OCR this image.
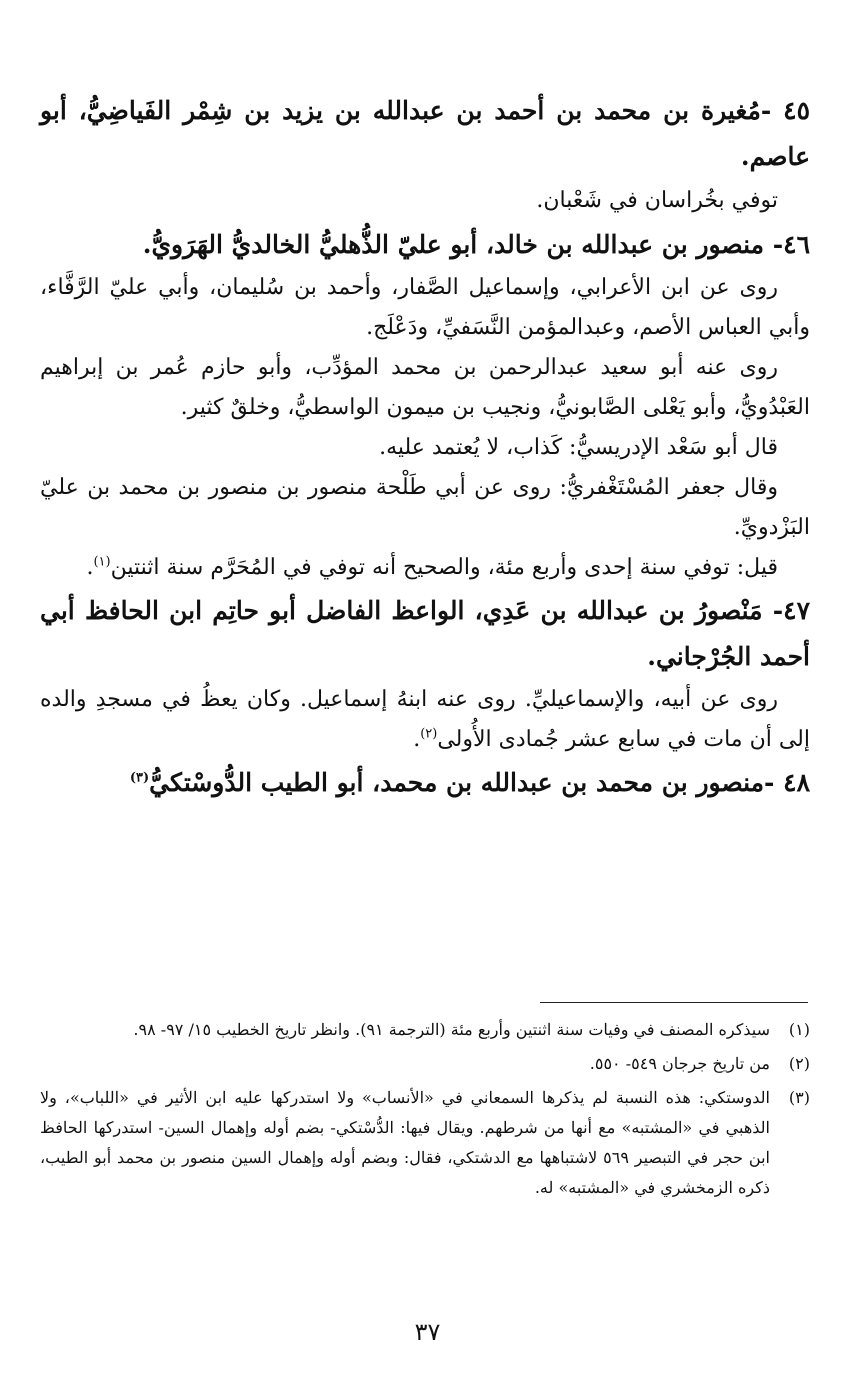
٤٥ -مُغيرة بن محمد بن أحمد بن عبدالله بن يزيد بن شِمْر الفَياضِيُّ، أبو عاصم.

توفي بخُراسان في شَعْبان.

٤٦- منصور بن عبدالله بن خالد، أبو عليّ الذُّهليُّ الخالديُّ الهَرَويُّ.

روى عن ابن الأعرابي، وإسماعيل الصَّفار، وأحمد بن سُليمان، وأبي عليّ الرَّفَّاء، وأبي العباس الأصم، وعبدالمؤمن النَّسَفيِّ، ودَعْلَج.

روى عنه أبو سعيد عبدالرحمن بن محمد المؤدِّب، وأبو حازم عُمر بن إبراهيم العَبْدُويُّ، وأبو يَعْلى الصَّابونيُّ، ونجيب بن ميمون الواسطيُّ، وخلقٌ كثير.

قال أبو سَعْد الإدريسيُّ: كَذاب، لا يُعتمد عليه.

وقال جعفر المُسْتَغْفريُّ: روى عن أبي طَلْحة منصور بن منصور بن محمد بن عليّ البَزْدويِّ.

قيل: توفي سنة إحدى وأربع مئة، والصحيح أنه توفي في المُحَرَّم سنة اثنتين$^{(١)}$.

٤٧- مَنْصورُ بن عبدالله بن عَدِي، الواعظ الفاضل أبو حاتِم ابن الحافظ أبي أحمد الجُرْجاني.

روى عن أبيه، والإسماعيليِّ. روى عنه ابنهُ إسماعيل. وكان يعظُ في مسجدِ والده إلى أن مات في سابع عشر جُمادى الأُولى$^{(٢)}$.

٤٨ -منصور بن محمد بن عبدالله بن محمد، أبو الطيب الدُّوسْتكيُّ$^{(٣)}$

(١)
سيذكره المصنف في وفيات سنة اثنتين وأربع مئة (الترجمة ٩١). وانظر تاريخ الخطيب ١٥/ ٩٧- ٩٨.
(٢)
من تاريخ جرجان ٥٤٩- ٥٥٠.
(٣)
الدوستكي: هذه النسبة لم يذكرها السمعاني في «الأنساب» ولا استدركها عليه ابن الأثير في «اللباب»، ولا الذهبي في «المشتبه» مع أنها من شرطهم. ويقال فيها: الدُّسْتكي- بضم أوله وإهمال السين- استدركها الحافظ ابن حجر في التبصير ٥٦٩ لاشتباهها مع الدشتكي، فقال: وبضم أوله وإهمال السين منصور بن محمد أبو الطيب، ذكره الزمخشري في «المشتبه» له.
٣٧
